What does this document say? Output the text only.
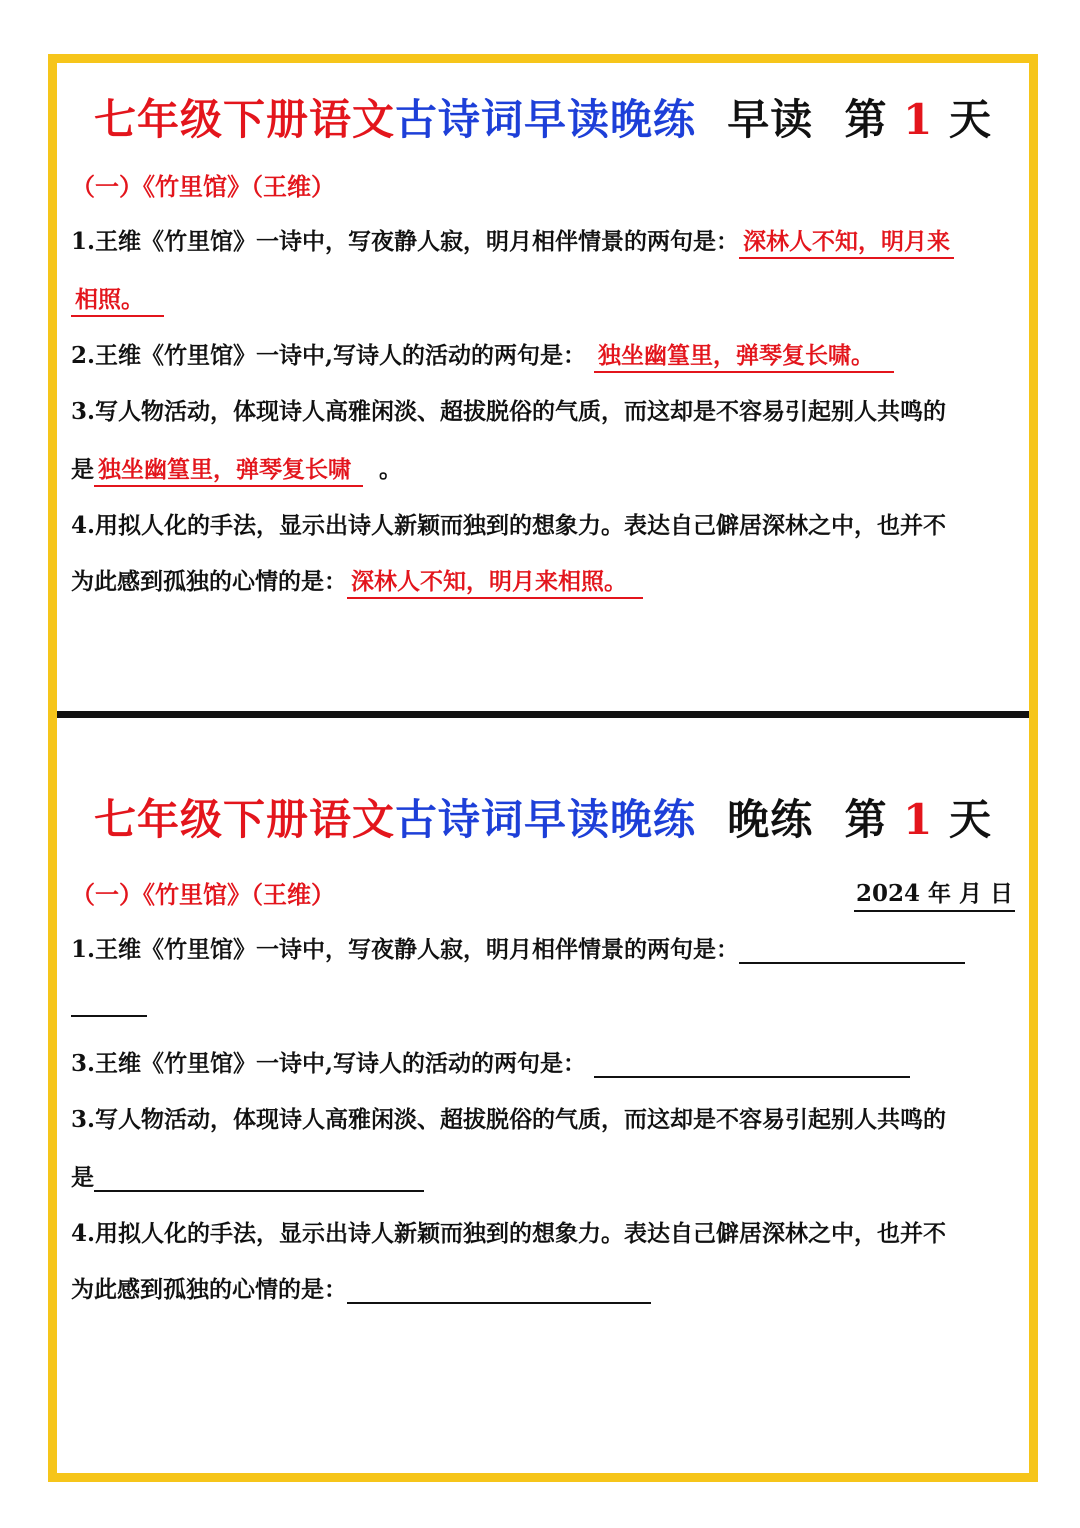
七年级下册语文古诗词早读晚练 早读 第 1 天
（一）《竹里馆》（王维）
1.王维《竹里馆》一诗中，写夜静人寂，明月相伴情景的两句是： 深林人不知，明月来
相照。
2.王维《竹里馆》一诗中,写诗人的活动的两句是： 独坐幽篁里，弹琴复长啸。
3.写人物活动，体现诗人高雅闲淡、超拔脱俗的气质，而这却是不容易引起别人共鸣的
是 独坐幽篁里，弹琴复长啸 。
4.用拟人化的手法，显示出诗人新颖而独到的想象力。表达自己僻居深林之中，也并不
为此感到孤独的心情的是： 深林人不知，明月来相照。
七年级下册语文古诗词早读晚练 晚练 第 1 天
（一）《竹里馆》（王维）	2024 年 月 日
1.王维《竹里馆》一诗中，写夜静人寂，明月相伴情景的两句是：
3.王维《竹里馆》一诗中,写诗人的活动的两句是：
3.写人物活动，体现诗人高雅闲淡、超拔脱俗的气质，而这却是不容易引起别人共鸣的
是
4.用拟人化的手法，显示出诗人新颖而独到的想象力。表达自己僻居深林之中，也并不
为此感到孤独的心情的是：
